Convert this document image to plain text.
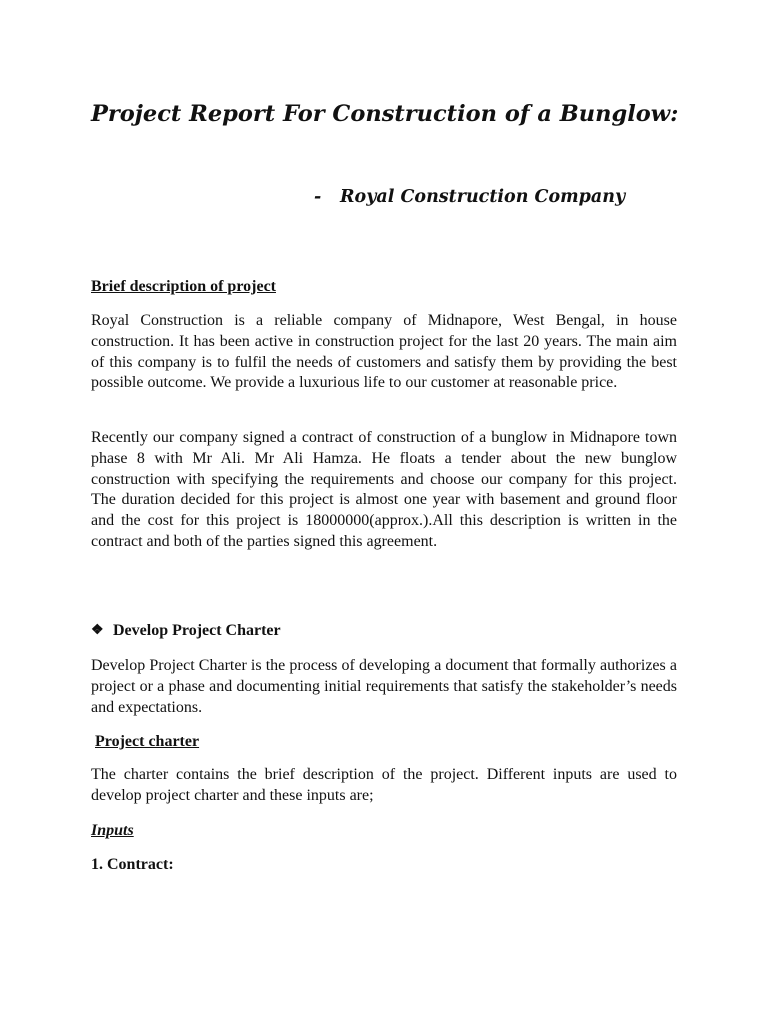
Project Report For Construction of a Bunglow:

- Royal Construction Company

Brief description of project

Royal Construction is a reliable company of Midnapore, West Bengal, in house construction. It has been active in construction project for the last 20 years. The main aim of this company is to fulfil the needs of customers and satisfy them by providing the best possible outcome. We provide a luxurious life to our customer at reasonable price.

Recently our company signed a contract of construction of a bunglow in Midnapore town phase 8 with Mr Ali. Mr Ali Hamza. He floats a tender about the new bunglow construction with specifying the requirements and choose our company for this project. The duration decided for this project is almost one year with basement and ground floor and the cost for this project is 18000000(approx.).All this description is written in the contract and both of the parties signed this agreement.

❖ Develop Project Charter

Develop Project Charter is the process of developing a document that formally authorizes a project or a phase and documenting initial requirements that satisfy the stakeholder’s needs and expectations.

Project charter

The charter contains the brief description of the project. Different inputs are used to develop project charter and these inputs are;

Inputs

1. Contract:
